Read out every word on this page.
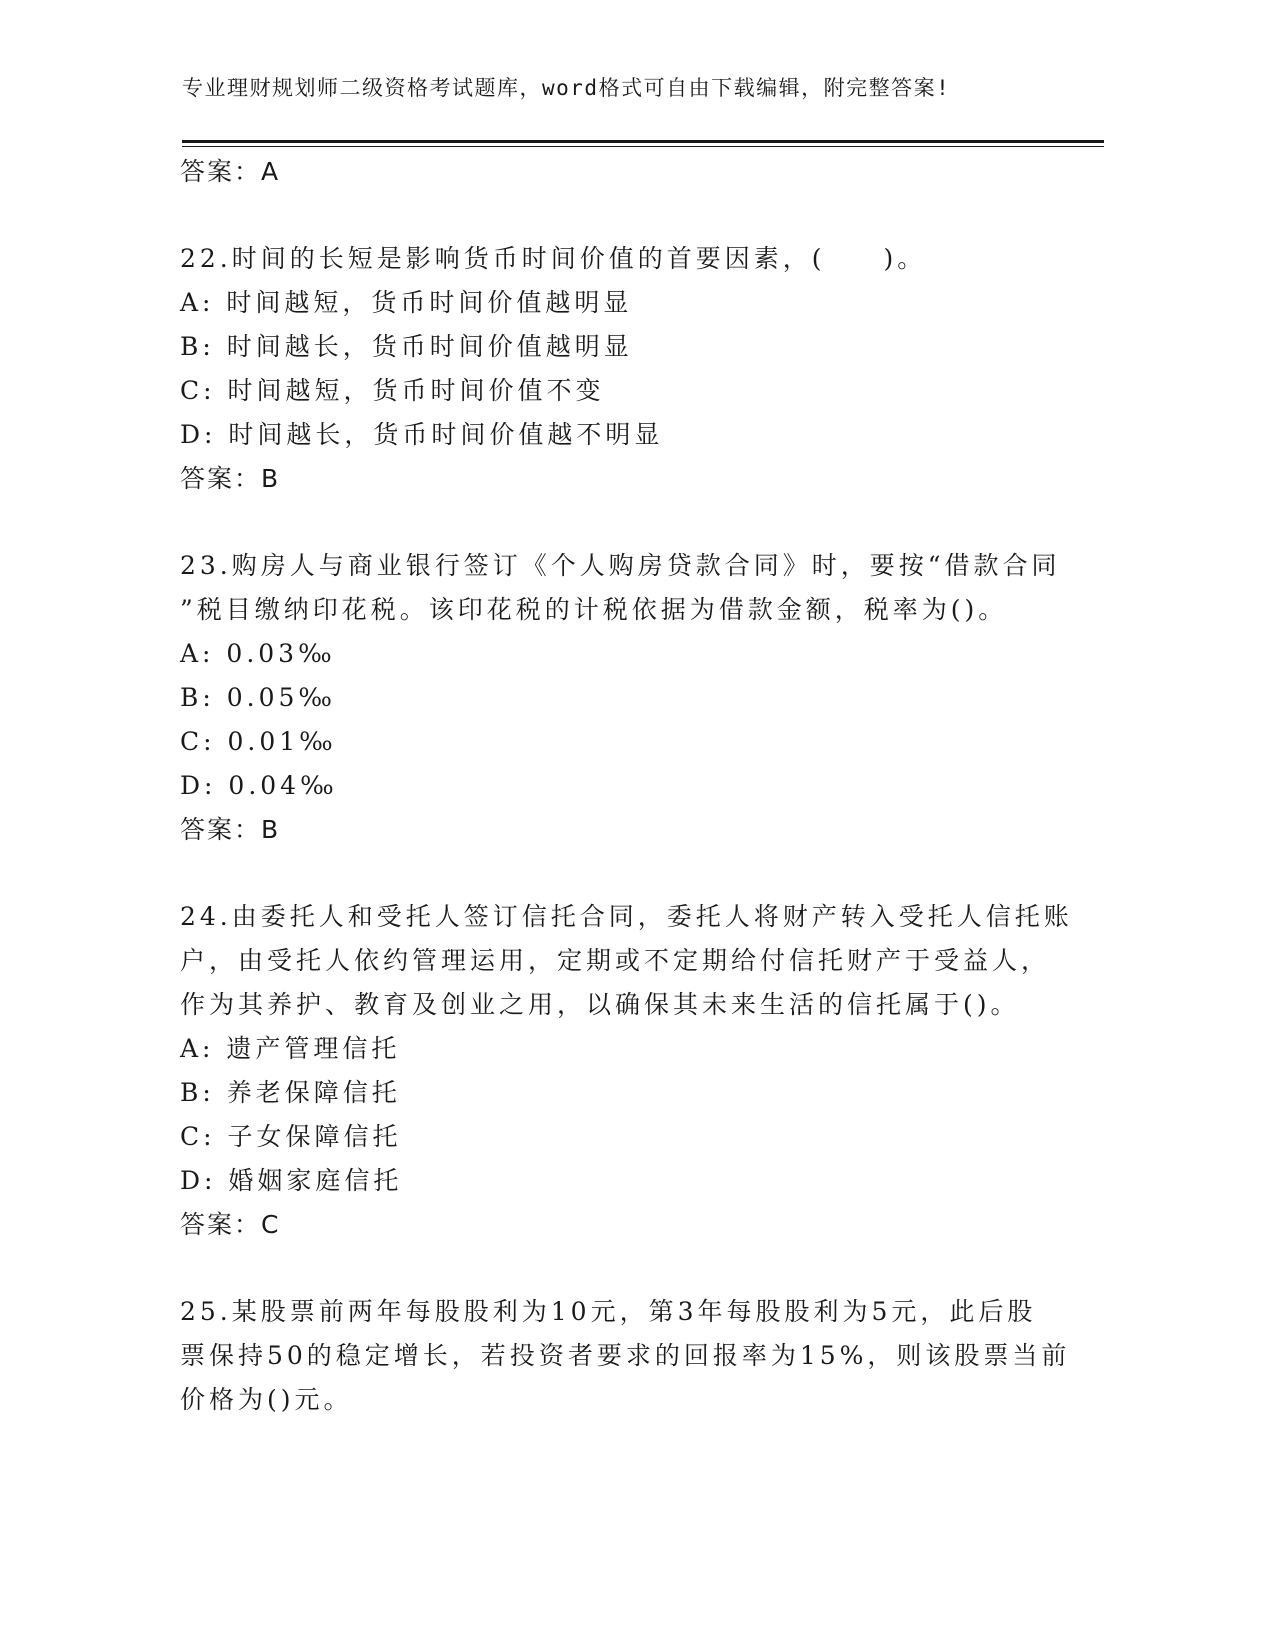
专业理财规划师二级资格考试题库，word格式可自由下载编辑，附完整答案!
答案：A
22.时间的长短是影响货币时间价值的首要因素，(　　)。
A: 时间越短，货币时间价值越明显
B: 时间越长，货币时间价值越明显
C: 时间越短，货币时间价值不变
D: 时间越长，货币时间价值越不明显
答案：B
23.购房人与商业银行签订《个人购房贷款合同》时，要按“借款合同
”税目缴纳印花税。该印花税的计税依据为借款金额，税率为()。
A: 0.03‰
B: 0.05‰
C: 0.01‰
D: 0.04‰
答案：B
24.由委托人和受托人签订信托合同，委托人将财产转入受托人信托账
户，由受托人依约管理运用，定期或不定期给付信托财产于受益人，
作为其养护、教育及创业之用，以确保其未来生活的信托属于()。
A: 遗产管理信托
B: 养老保障信托
C: 子女保障信托
D: 婚姻家庭信托
答案：C
25.某股票前两年每股股利为10元，第3年每股股利为5元，此后股
票保持50的稳定增长，若投资者要求的回报率为15%，则该股票当前
价格为()元。
